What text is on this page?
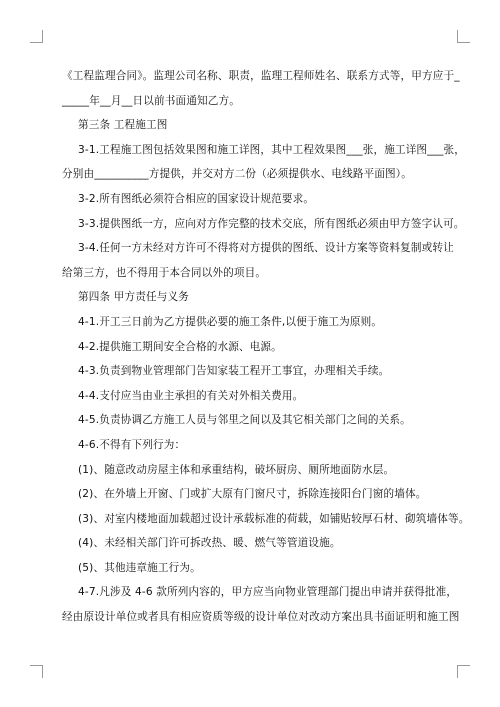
《工程监理合同》。监理公司名称、职责，监理工程师姓名、联系方式等，甲方应于_
_____年__月__日以前书面通知乙方。
第三条 工程施工图
3-1.工程施工图包括效果图和施工详图，其中工程效果图___张，施工详图___张，
分别由__________方提供，并交对方二份（必须提供水、电线路平面图）。
3-2.所有图纸必须符合相应的国家设计规范要求。
3-3.提供图纸一方，应向对方作完整的技术交底，所有图纸必须由甲方签字认可。
3-4.任何一方未经对方许可不得将对方提供的图纸、设计方案等资料复制或转让
给第三方，也不得用于本合同以外的项目。
第四条 甲方责任与义务
4-1.开工三日前为乙方提供必要的施工条件,以便于施工为原则。
4-2.提供施工期间安全合格的水源、电源。
4-3.负责到物业管理部门告知家装工程开工事宜，办理相关手续。
4-4.支付应当由业主承担的有关对外相关费用。
4-5.负责协调乙方施工人员与邻里之间以及其它相关部门之间的关系。
4-6.不得有下列行为：
(1)、随意改动房屋主体和承重结构，破坏厨房、厕所地面防水层。
(2)、在外墙上开窗、门或扩大原有门窗尺寸，拆除连接阳台门窗的墙体。
(3)、对室内楼地面加载超过设计承载标准的荷载，如铺贴较厚石材、砌筑墙体等。
(4)、未经相关部门许可拆改热、暖、燃气等管道设施。
(5)、其他违章施工行为。
4-7.凡涉及 4-6 款所列内容的，甲方应当向物业管理部门提出申请并获得批准，
经由原设计单位或者具有相应资质等级的设计单位对改动方案出具书面证明和施工图
